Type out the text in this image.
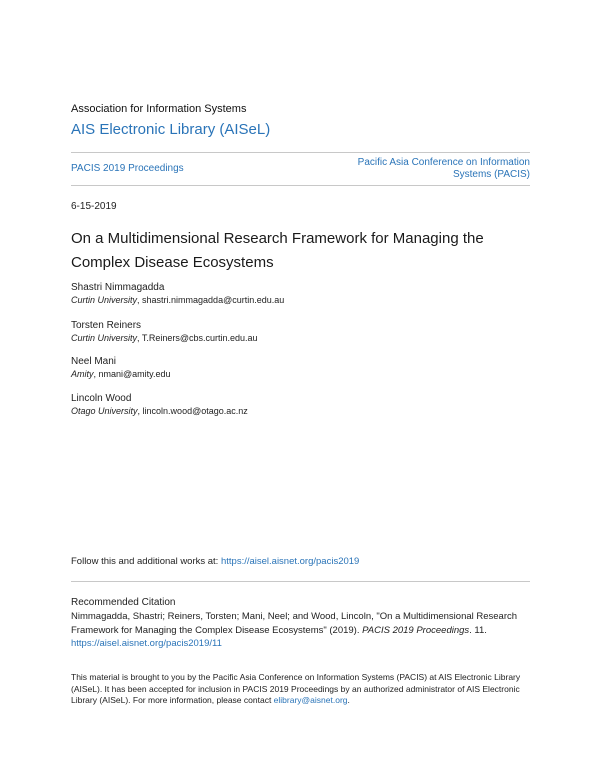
Association for Information Systems
AIS Electronic Library (AISeL)
PACIS 2019 Proceedings
Pacific Asia Conference on Information
Systems (PACIS)
6-15-2019
On a Multidimensional Research Framework for Managing the
Complex Disease Ecosystems
Shastri Nimmagadda
Curtin University, shastri.nimmagadda@curtin.edu.au
Torsten Reiners
Curtin University, T.Reiners@cbs.curtin.edu.au
Neel Mani
Amity, nmani@amity.edu
Lincoln Wood
Otago University, lincoln.wood@otago.ac.nz
Follow this and additional works at: https://aisel.aisnet.org/pacis2019
Recommended Citation
Nimmagadda, Shastri; Reiners, Torsten; Mani, Neel; and Wood, Lincoln, "On a Multidimensional Research Framework for Managing the Complex Disease Ecosystems" (2019). PACIS 2019 Proceedings. 11.
https://aisel.aisnet.org/pacis2019/11
This material is brought to you by the Pacific Asia Conference on Information Systems (PACIS) at AIS Electronic Library (AISeL). It has been accepted for inclusion in PACIS 2019 Proceedings by an authorized administrator of AIS Electronic Library (AISeL). For more information, please contact elibrary@aisnet.org.
